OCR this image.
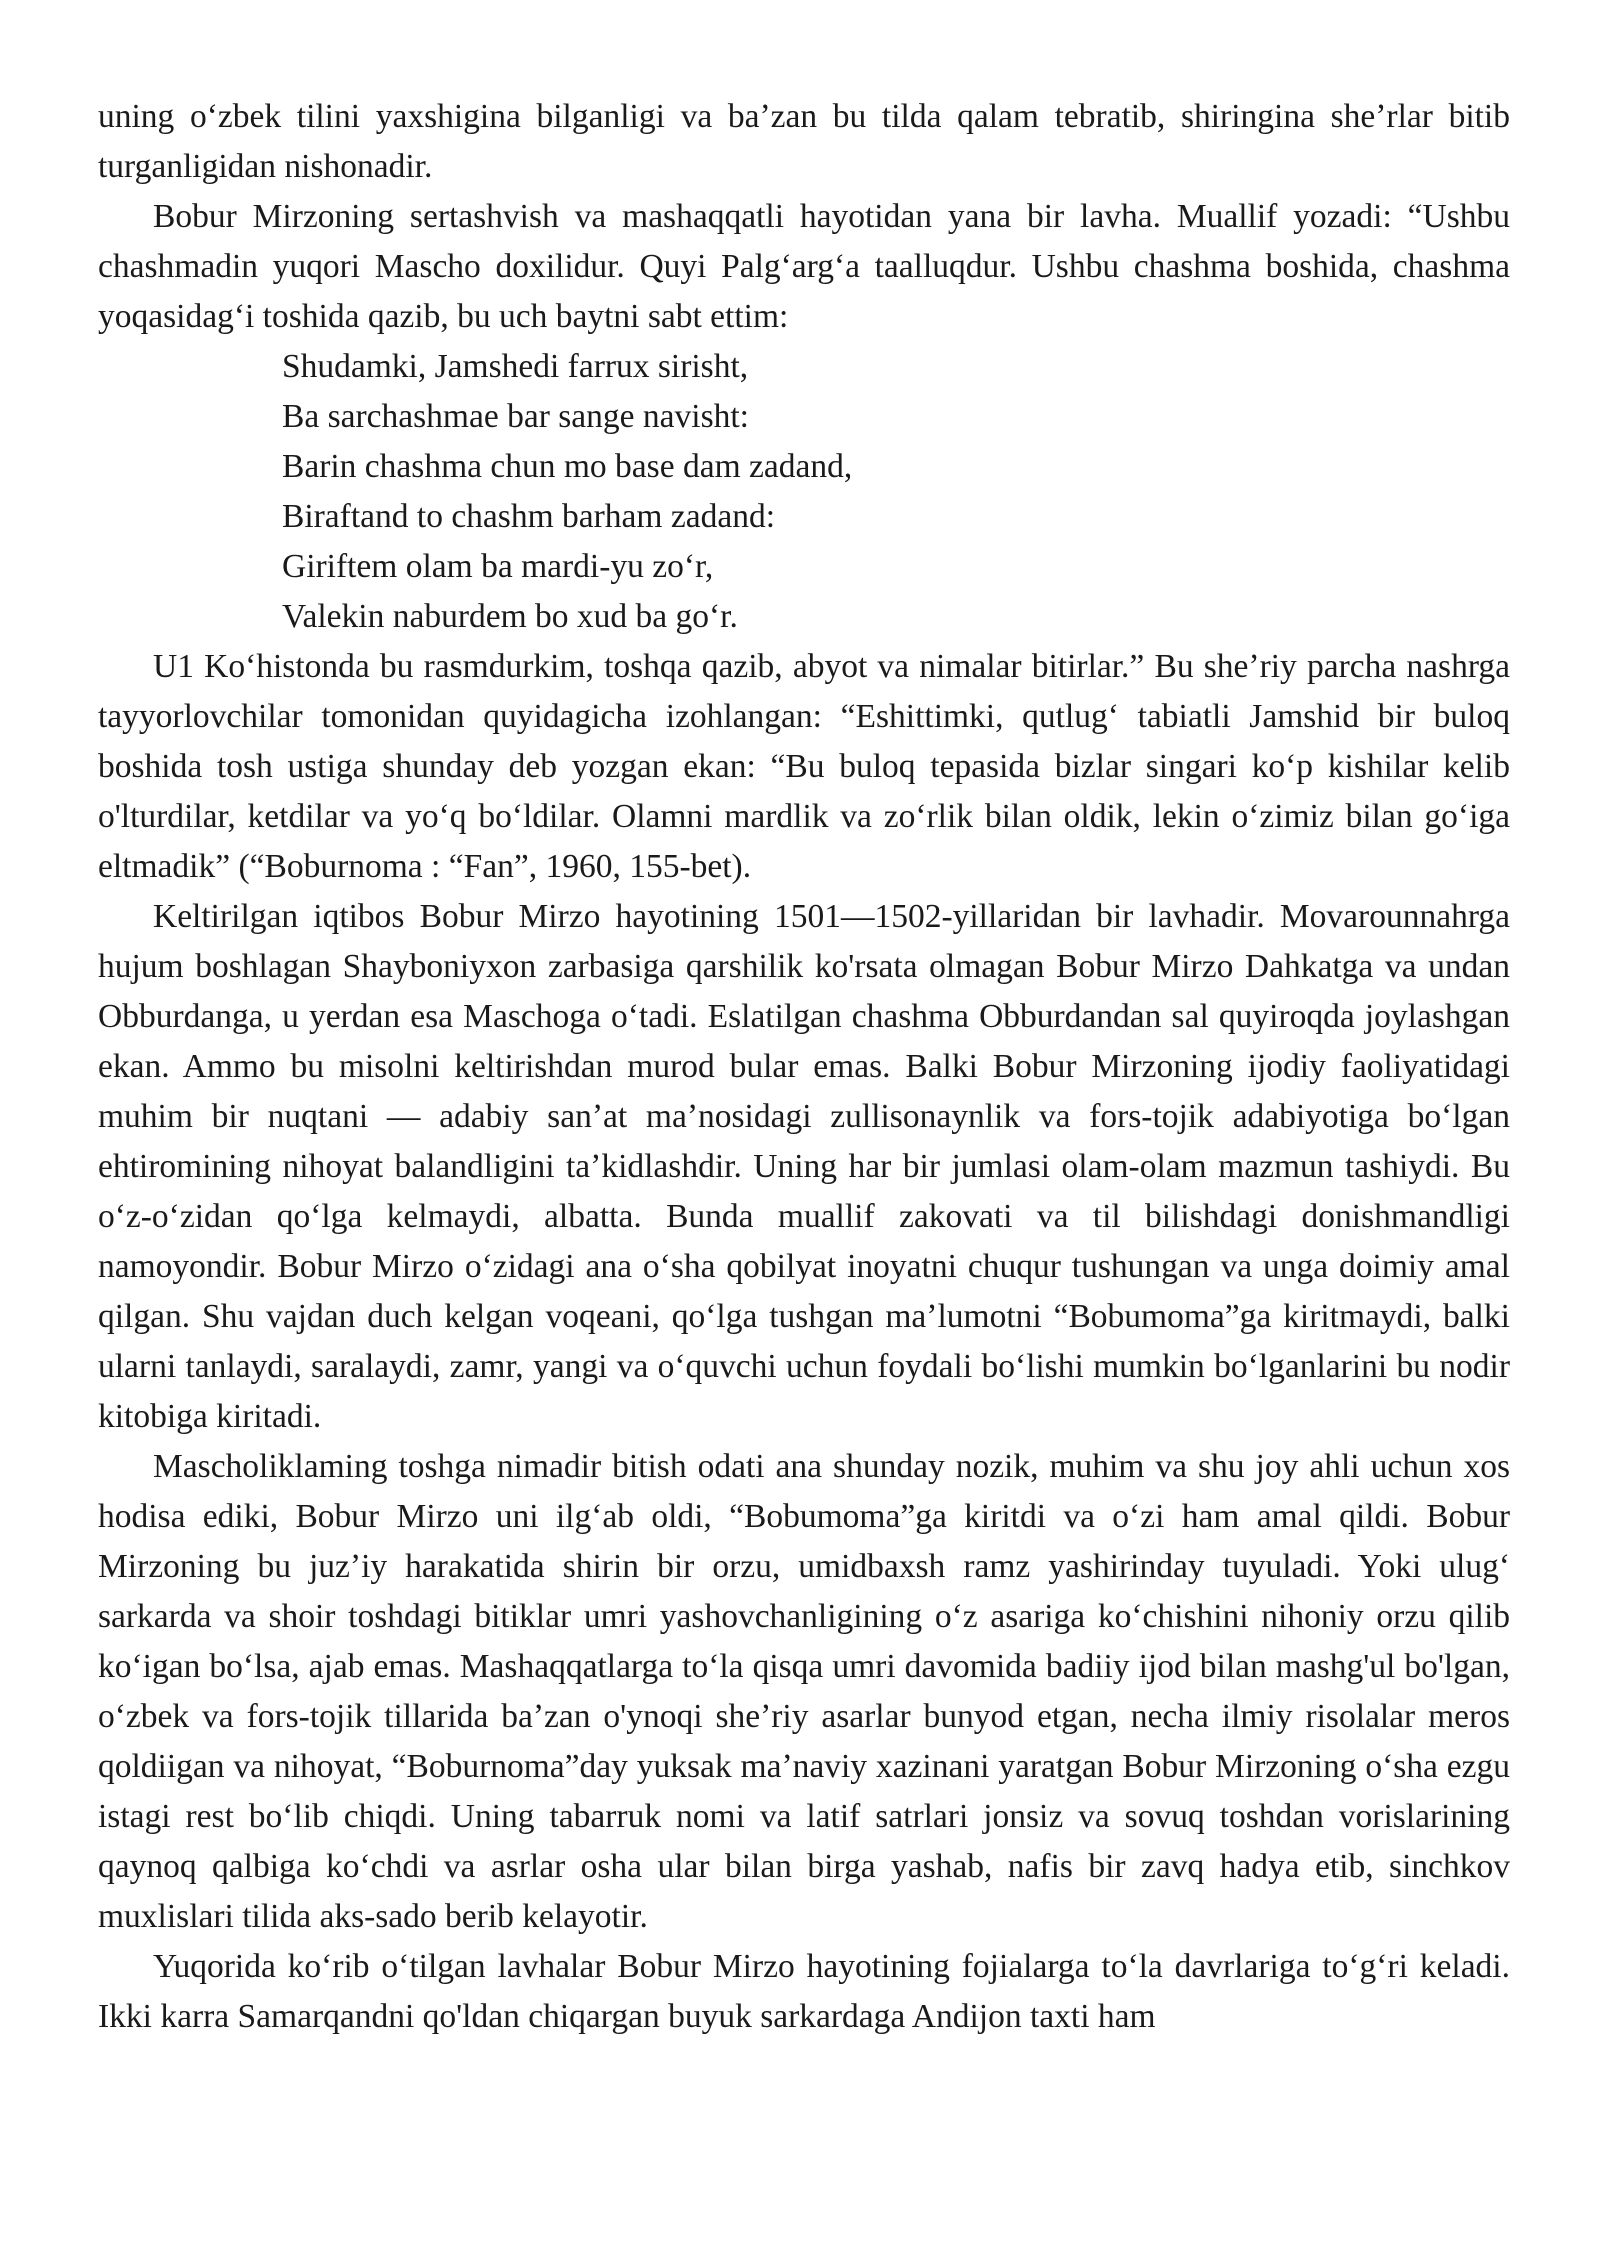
uning oʻzbek tilini yaxshigina bilganligi va baʼzan bu tilda qalam tebratib, shiringina sheʼrlar bitib turganligidan nishonadir.

Bobur Mirzoning sertashvish va mashaqqatli hayotidan yana bir lavha. Muallif yozadi: “Ushbu chashmadin yuqori Mascho doxilidur. Quyi Palgʻargʻa taalluqdur. Ushbu chashma boshida, chashma yoqasidagʻi toshida qazib, bu uch baytni sabt ettim:

Shudamki, Jamshedi farrux sirisht,
Ba sarchashmae bar sange navisht:
Barin chashma chun mo base dam zadand,
Biraftand to chashm barham zadand:
Giriftem olam ba mardi-yu zoʻr,
Valekin naburdem bo xud ba goʻr.

U1 Koʻhistonda bu rasmdurkim, toshqa qazib, abyot va nimalar bitirlar.” Bu sheʼriy parcha nashrga tayyorlovchilar tomonidan quyidagicha izohlangan: “Eshittimki, qutlugʻ tabiatli Jamshid bir buloq boshida tosh ustiga shunday deb yozgan ekan: “Bu buloq tepasida bizlar singari koʻp kishilar kelib o'lturdilar, ketdilar va yoʻq boʻldilar. Olamni mardlik va zoʻrlik bilan oldik, lekin oʻzimiz bilan goʻiga eltmadik” (“Boburnoma : “Fan”, 1960, 155-bet).

Keltirilgan iqtibos Bobur Mirzo hayotining 1501—1502-yillaridan bir lavhadir. Movarounnahrga hujum boshlagan Shayboniyxon zarbasiga qarshilik ko'rsata olmagan Bobur Mirzo Dahkatga va undan Obburdanga, u yerdan esa Maschoga oʻtadi. Eslatilgan chashma Obburdandan sal quyiroqda joylashgan ekan. Ammo bu misolni keltirishdan murod bular emas. Balki Bobur Mirzoning ijodiy faoliyatidagi muhim bir nuqtani — adabiy sanʼat maʼnosidagi zullisonaynlik va fors-tojik adabiyotiga boʻlgan ehtiromining nihoyat balandligini taʼkidlashdir. Uning har bir jumlasi olam-olam mazmun tashiydi. Bu oʻz-oʻzidan qoʻlga kelmaydi, albatta. Bunda muallif zakovati va til bilishdagi donishmandligi namoyondir. Bobur Mirzo oʻzidagi ana oʻsha qobilyat inoyatni chuqur tushungan va unga doimiy amal qilgan. Shu vajdan duch kelgan voqeani, qoʻlga tushgan maʼlumotni “Bobumoma”ga kiritmaydi, balki ularni tanlaydi, saralaydi, zamr, yangi va oʻquvchi uchun foydali boʻlishi mumkin boʻlganlarini bu nodir kitobiga kiritadi.

Mascholiklaming toshga nimadir bitish odati ana shunday nozik, muhim va shu joy ahli uchun xos hodisa ediki, Bobur Mirzo uni ilgʻab oldi, “Bobumoma”ga kiritdi va oʻzi ham amal qildi. Bobur Mirzoning bu juzʼiy harakatida shirin bir orzu, umidbaxsh ramz yashirinday tuyuladi. Yoki ulugʻ sarkarda va shoir toshdagi bitiklar umri yashovchanligining oʻz asariga koʻchishini nihoniy orzu qilib koʻigan boʻlsa, ajab emas. Mashaqqatlarga toʻla qisqa umri davomida badiiy ijod bilan mashg'ul bo'lgan, oʻzbek va fors-tojik tillarida baʼzan o'ynoqi sheʼriy asarlar bunyod etgan, necha ilmiy risolalar meros qoldiigan va nihoyat, “Boburnoma”day yuksak maʼnaviy xazinani yaratgan Bobur Mirzoning oʻsha ezgu istagi rest boʻlib chiqdi. Uning tabarruk nomi va latif satrlari jonsiz va sovuq toshdan vorislarining qaynoq qalbiga koʻchdi va asrlar osha ular bilan birga yashab, nafis bir zavq hadya etib, sinchkov muxlislari tilida aks-sado berib kelayotir.

Yuqorida koʻrib oʻtilgan lavhalar Bobur Mirzo hayotining fojialarga toʻla davrlariga toʻgʻri keladi. Ikki karra Samarqandni qo'ldan chiqargan buyuk sarkardaga Andijon taxti ham
